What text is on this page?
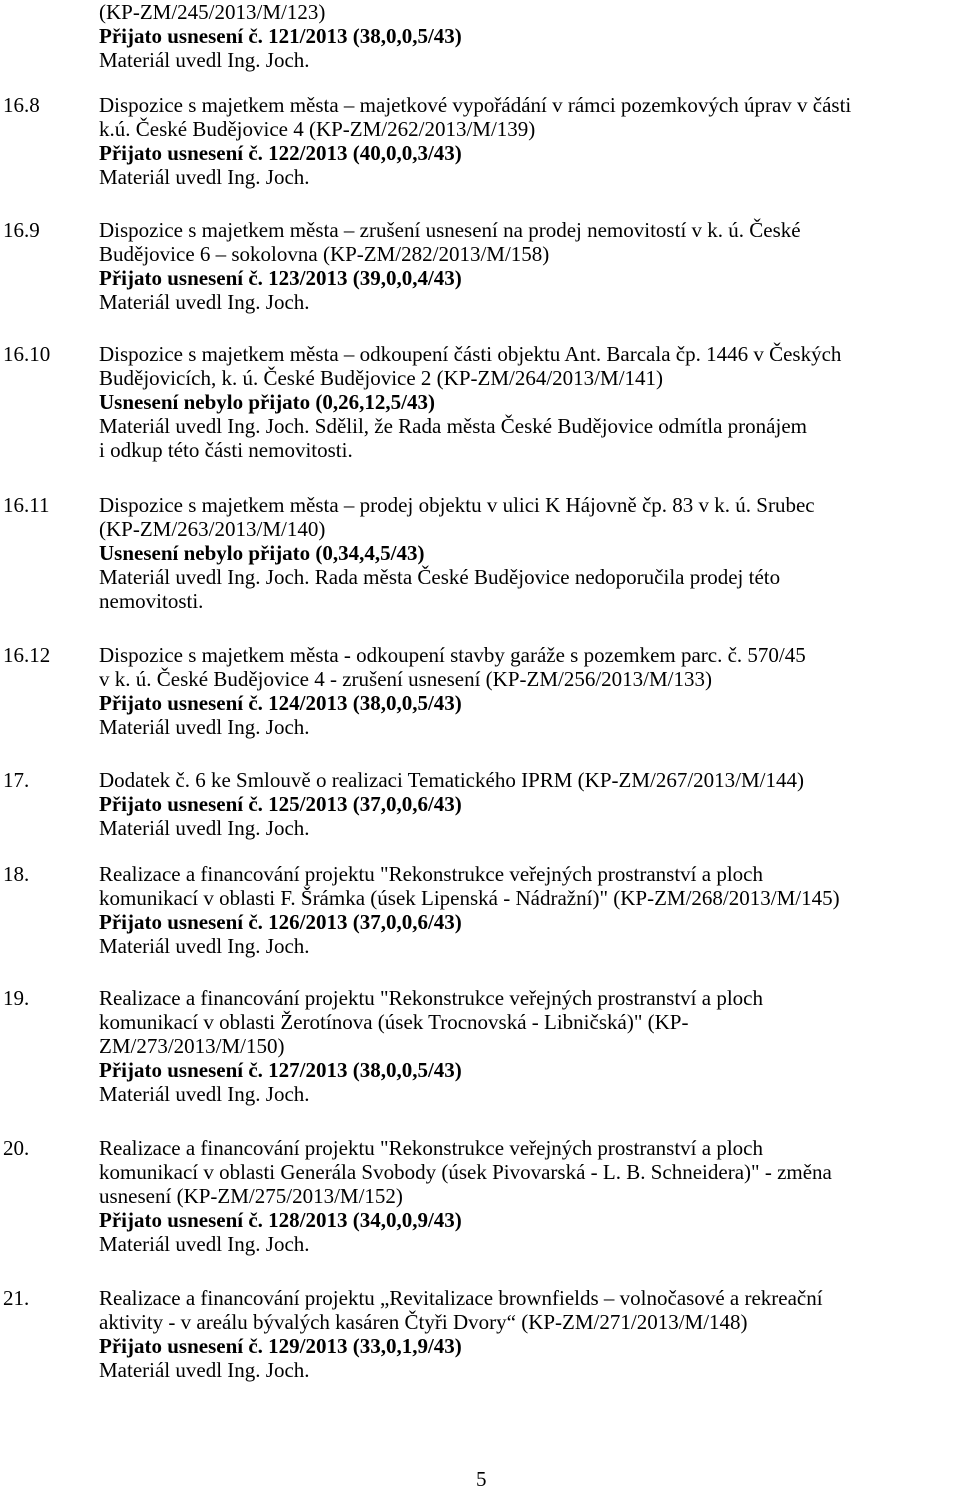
(KP-ZM/245/2013/M/123)
Přijato usnesení č. 121/2013 (38,0,0,5/43)
Materiál uvedl Ing. Joch.
16.8	Dispozice s majetkem města – majetkové vypořádání v rámci pozemkových úprav v části
k.ú. České Budějovice 4 (KP-ZM/262/2013/M/139)
Přijato usnesení č. 122/2013 (40,0,0,3/43)
Materiál uvedl Ing. Joch.
16.9	Dispozice s majetkem města – zrušení usnesení na prodej nemovitostí v k. ú. České
Budějovice 6 – sokolovna (KP-ZM/282/2013/M/158)
Přijato usnesení č. 123/2013 (39,0,0,4/43)
Materiál uvedl Ing. Joch.
16.10 Dispozice s majetkem města – odkoupení části objektu Ant. Barcala čp. 1446 v Českých
Budějovicích, k. ú. České Budějovice 2 (KP-ZM/264/2013/M/141)
Usnesení nebylo přijato (0,26,12,5/43)
Materiál uvedl Ing. Joch. Sdělil, že Rada města České Budějovice odmítla pronájem
i odkup této části nemovitosti.
16.11 Dispozice s majetkem města – prodej objektu v ulici K Hájovně čp. 83 v k. ú. Srubec
(KP-ZM/263/2013/M/140)
Usnesení nebylo přijato (0,34,4,5/43)
Materiál uvedl Ing. Joch. Rada města České Budějovice nedoporučila prodej této
nemovitosti.
16.12 Dispozice s majetkem města - odkoupení stavby garáže s pozemkem parc. č. 570/45
v k. ú. České Budějovice 4 - zrušení usnesení (KP-ZM/256/2013/M/133)
Přijato usnesení č. 124/2013 (38,0,0,5/43)
Materiál uvedl Ing. Joch.
17.	Dodatek č. 6 ke Smlouvě o realizaci Tematického IPRM (KP-ZM/267/2013/M/144)
Přijato usnesení č. 125/2013 (37,0,0,6/43)
Materiál uvedl Ing. Joch.
18.	Realizace a financování projektu "Rekonstrukce veřejných prostranství a ploch
komunikací v oblasti F. Šrámka (úsek Lipenská - Nádražní)" (KP-ZM/268/2013/M/145)
Přijato usnesení č. 126/2013 (37,0,0,6/43)
Materiál uvedl Ing. Joch.
19.	Realizace a financování projektu "Rekonstrukce veřejných prostranství a ploch
komunikací v oblasti Žerotínova (úsek Trocnovská - Libničská)" (KP-
ZM/273/2013/M/150)
Přijato usnesení č. 127/2013 (38,0,0,5/43)
Materiál uvedl Ing. Joch.
20.	Realizace a financování projektu "Rekonstrukce veřejných prostranství a ploch
komunikací v oblasti Generála Svobody (úsek Pivovarská - L. B. Schneidera)" - změna
usnesení (KP-ZM/275/2013/M/152)
Přijato usnesení č. 128/2013 (34,0,0,9/43)
Materiál uvedl Ing. Joch.
21.	Realizace a financování projektu „Revitalizace brownfields – volnočasové a rekreační
aktivity - v areálu bývalých kasáren Čtyři Dvory“ (KP-ZM/271/2013/M/148)
Přijato usnesení č. 129/2013 (33,0,1,9/43)
Materiál uvedl Ing. Joch.
5
